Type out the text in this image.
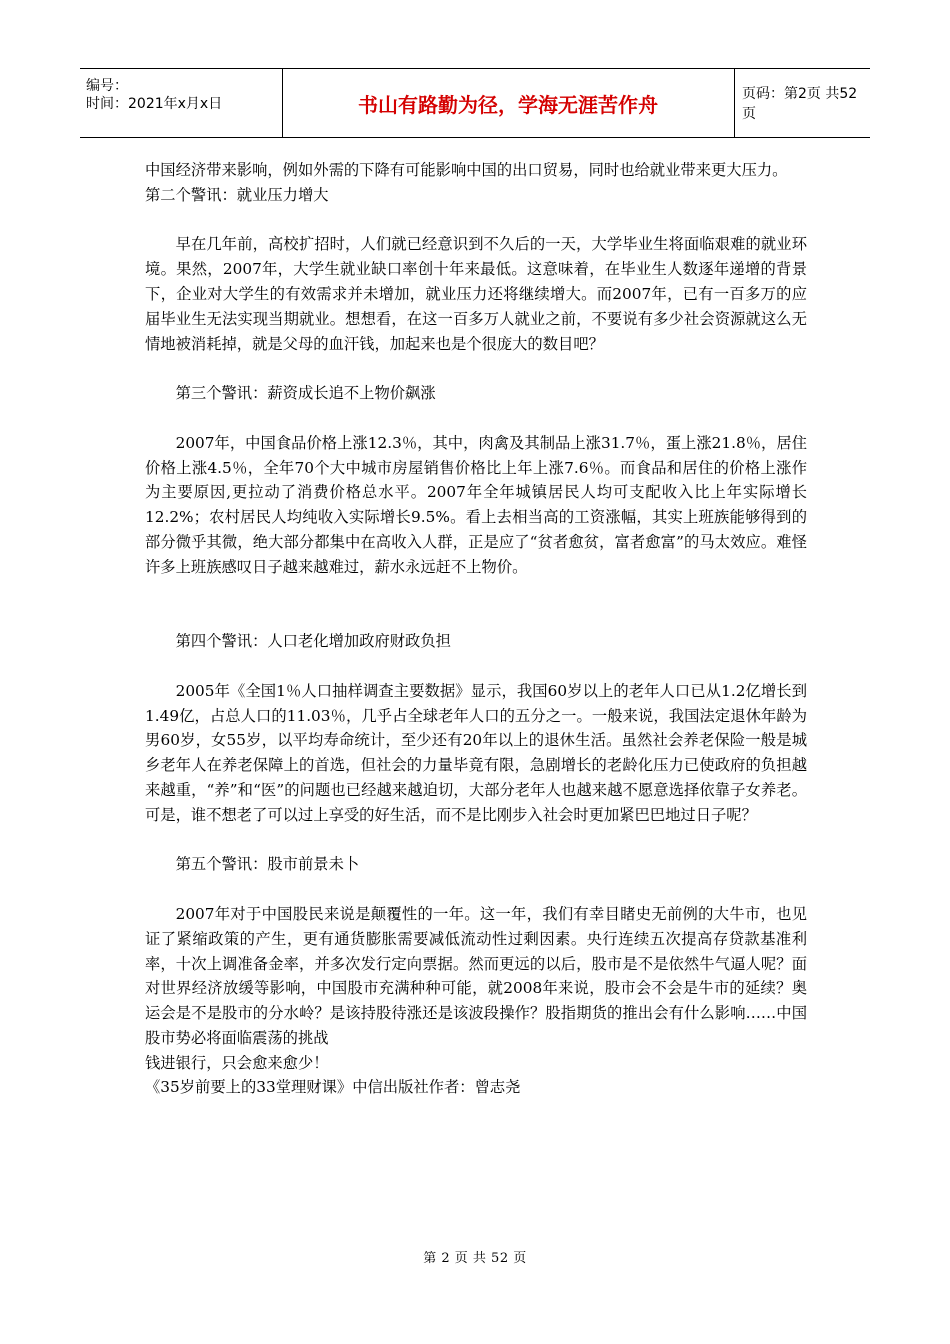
编号：
时间：2021年x月x日	书山有路勤为径，学海无涯苦作舟	页码：第2页 共52页

中国经济带来影响，例如外需的下降有可能影响中国的出口贸易，同时也给就业带来更大压力。

第二个警讯：就业压力增大

早在几年前，高校扩招时，人们就已经意识到不久后的一天，大学毕业生将面临艰难的就业环境。果然，2007年，大学生就业缺口率创十年来最低。这意味着，在毕业生人数逐年递增的背景下，企业对大学生的有效需求并未增加，就业压力还将继续增大。而2007年，已有一百多万的应届毕业生无法实现当期就业。想想看，在这一百多万人就业之前，不要说有多少社会资源就这么无情地被消耗掉，就是父母的血汗钱，加起来也是个很庞大的数目吧？

第三个警讯：薪资成长追不上物价飙涨

2007年，中国食品价格上涨12.3％，其中，肉禽及其制品上涨31.7％，蛋上涨21.8％，居住价格上涨4.5％，全年70个大中城市房屋销售价格比上年上涨7.6％。而食品和居住的价格上涨作为主要原因,更拉动了消费价格总水平。2007年全年城镇居民人均可支配收入比上年实际增长12.2%；农村居民人均纯收入实际增长9.5%。看上去相当高的工资涨幅，其实上班族能够得到的部分微乎其微，绝大部分都集中在高收入人群，正是应了“贫者愈贫，富者愈富”的马太效应。难怪许多上班族感叹日子越来越难过，薪水永远赶不上物价。

第四个警讯：人口老化增加政府财政负担

2005年《全国1％人口抽样调查主要数据》显示，我国60岁以上的老年人口已从1.2亿增长到1.49亿，占总人口的11.03％，几乎占全球老年人口的五分之一。一般来说，我国法定退休年龄为男60岁，女55岁，以平均寿命统计，至少还有20年以上的退休生活。虽然社会养老保险一般是城乡老年人在养老保障上的首选，但社会的力量毕竟有限，急剧增长的老龄化压力已使政府的负担越来越重，“养”和“医”的问题也已经越来越迫切，大部分老年人也越来越不愿意选择依靠子女养老。可是，谁不想老了可以过上享受的好生活，而不是比刚步入社会时更加紧巴巴地过日子呢？

第五个警讯：股市前景未卜

2007年对于中国股民来说是颠覆性的一年。这一年，我们有幸目睹史无前例的大牛市，也见证了紧缩政策的产生，更有通货膨胀需要减低流动性过剩因素。央行连续五次提高存贷款基准利率，十次上调准备金率，并多次发行定向票据。然而更远的以后，股市是不是依然牛气逼人呢？面对世界经济放缓等影响，中国股市充满种种可能，就2008年来说，股市会不会是牛市的延续？奥运会是不是股市的分水岭？是该持股待涨还是该波段操作？股指期货的推出会有什么影响……中国股市势必将面临震荡的挑战

钱进银行，只会愈来愈少！

《35岁前要上的33堂理财课》中信出版社作者：曾志尧

第 2 页 共 52 页
